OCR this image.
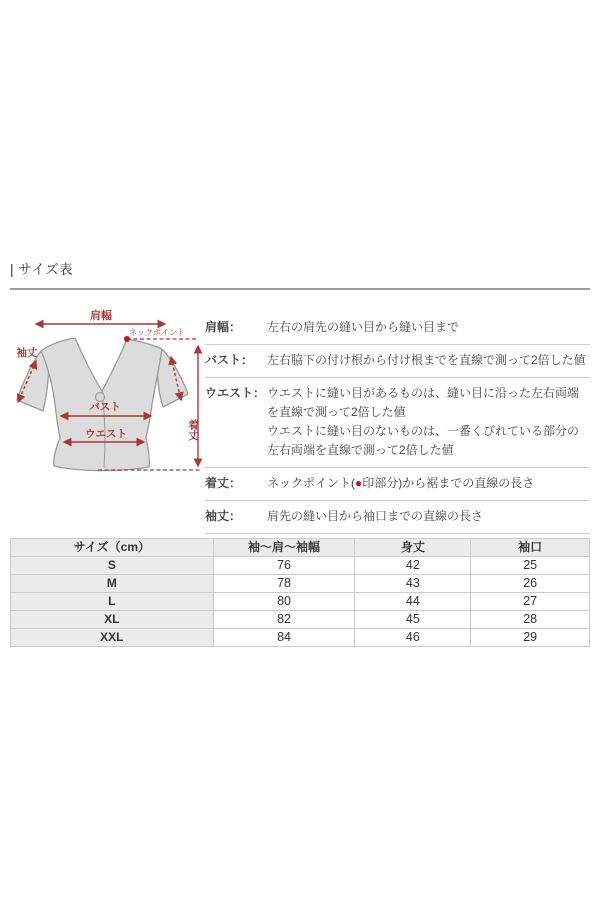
| サイズ表
肩幅
ネックポイント
袖丈
バスト
ウエスト	着丈
肩幅：	左右の肩先の縫い目から縫い目まで
バスト：	左右脇下の付け根から付け根までを直線で測って2倍した値
ウエスト： ウエストに縫い目があるものは、縫い目に沿った左右両端を直線で測って2倍した値
ウエストに縫い目のないものは、一番くびれている部分の左右両端を直線で測って2倍した値
着丈：	ネックポイント(●印部分)から裾までの直線の長さ
袖丈：	肩先の縫い目から袖口までの直線の長さ
サイズ（cm）	袖〜肩〜袖幅	身丈	袖口
S	76	42	25
M	78	43	26
L	80	44	27
XL	82	45	28
XXL	84	46	29
